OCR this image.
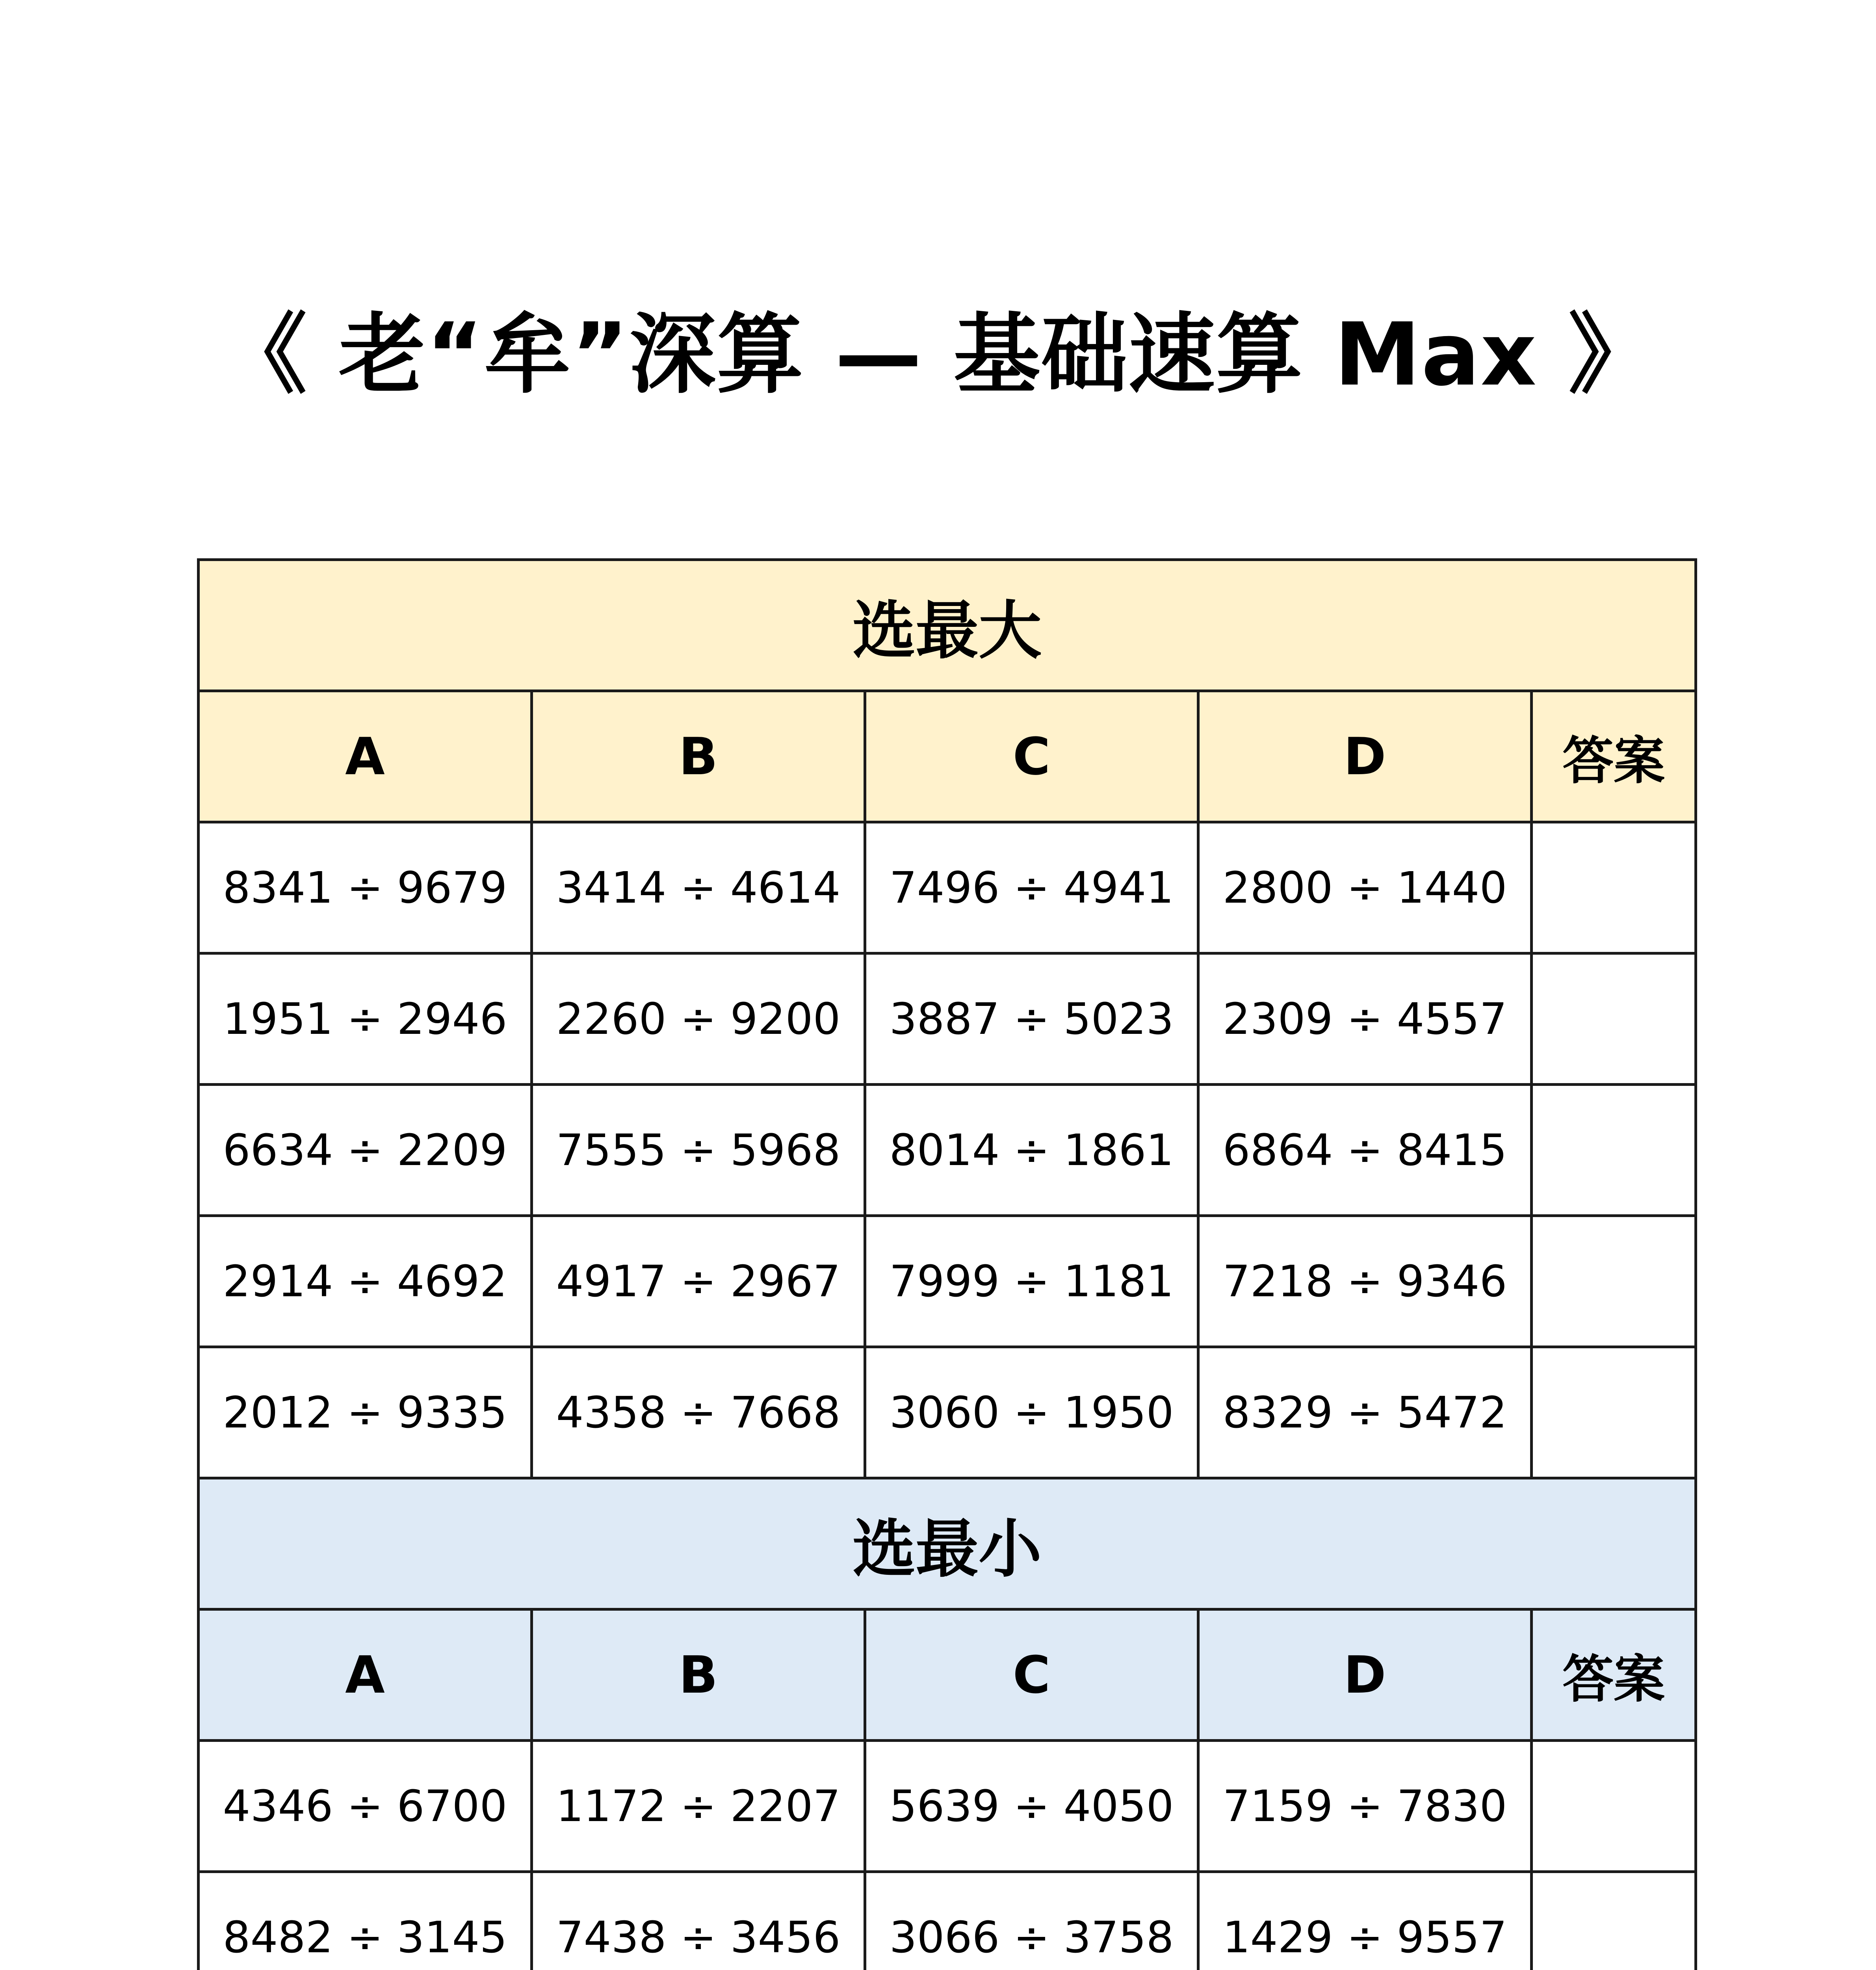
《 老“牟”深算 — 基础速算 Max 》
选最大				
A	B	C	D	答案
8341 ÷ 9679	3414 ÷ 4614	7496 ÷ 4941	2800 ÷ 1440	
1951 ÷ 2946	2260 ÷ 9200	3887 ÷ 5023	2309 ÷ 4557	
6634 ÷ 2209	7555 ÷ 5968	8014 ÷ 1861	6864 ÷ 8415	
2914 ÷ 4692	4917 ÷ 2967	7999 ÷ 1181	7218 ÷ 9346	
2012 ÷ 9335	4358 ÷ 7668	3060 ÷ 1950	8329 ÷ 5472	
选最小				
A	B	C	D	答案
4346 ÷ 6700	1172 ÷ 2207	5639 ÷ 4050	7159 ÷ 7830	
8482 ÷ 3145	7438 ÷ 3456	3066 ÷ 3758	1429 ÷ 9557	
